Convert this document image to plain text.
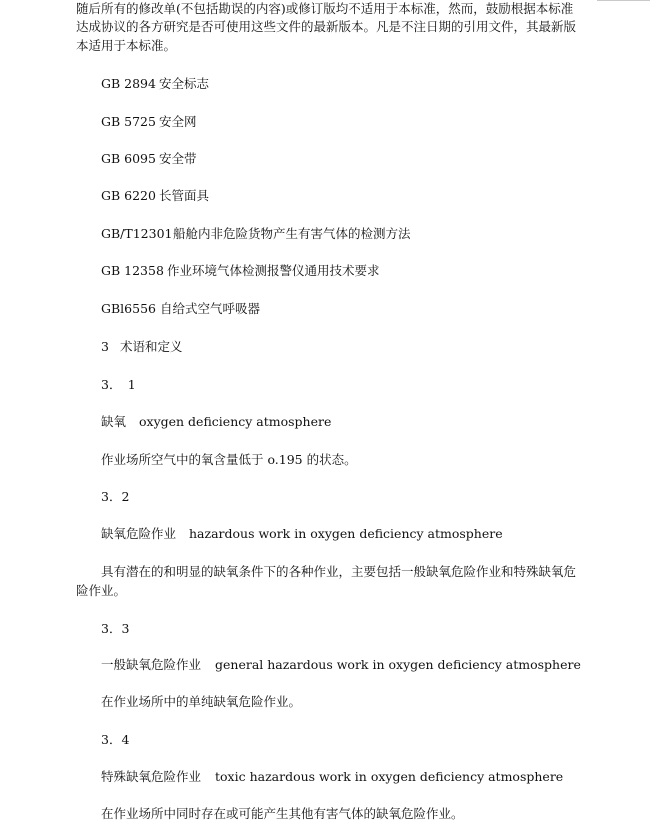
随后所有的修改单(不包括勘误的内容)或修订版均不适用于本标准，然而，鼓励根据本标准
达成协议的各方研究是否可使用这些文件的最新版本。凡是不注日期的引用文件，其最新版
本适用于本标准。
GB 2894 安全标志
GB 5725 安全网
GB 6095 安全带
GB 6220 长管面具
GB/T12301船舱内非危险货物产生有害气体的检测方法
GB 12358 作业环境气体检测报警仪通用技术要求
GBl6556 自给式空气呼吸器
3 术语和定义
3．　1
缺氧 oxygen deficiency atmosphere
作业场所空气中的氧含量低于 o.195 的状态。
3．2
缺氧危险作业 hazardous work in oxygen deficiency atmosphere
具有潜在的和明显的缺氧条件下的各种作业，主要包括一般缺氧危险作业和特殊缺氧危
险作业。
3．3
一般缺氧危险作业 general hazardous work in oxygen deficiency atmosphere
在作业场所中的单纯缺氧危险作业。
3．4
特殊缺氧危险作业 toxic hazardous work in oxygen deficiency atmosphere
在作业场所中同时存在或可能产生其他有害气体的缺氧危险作业。
